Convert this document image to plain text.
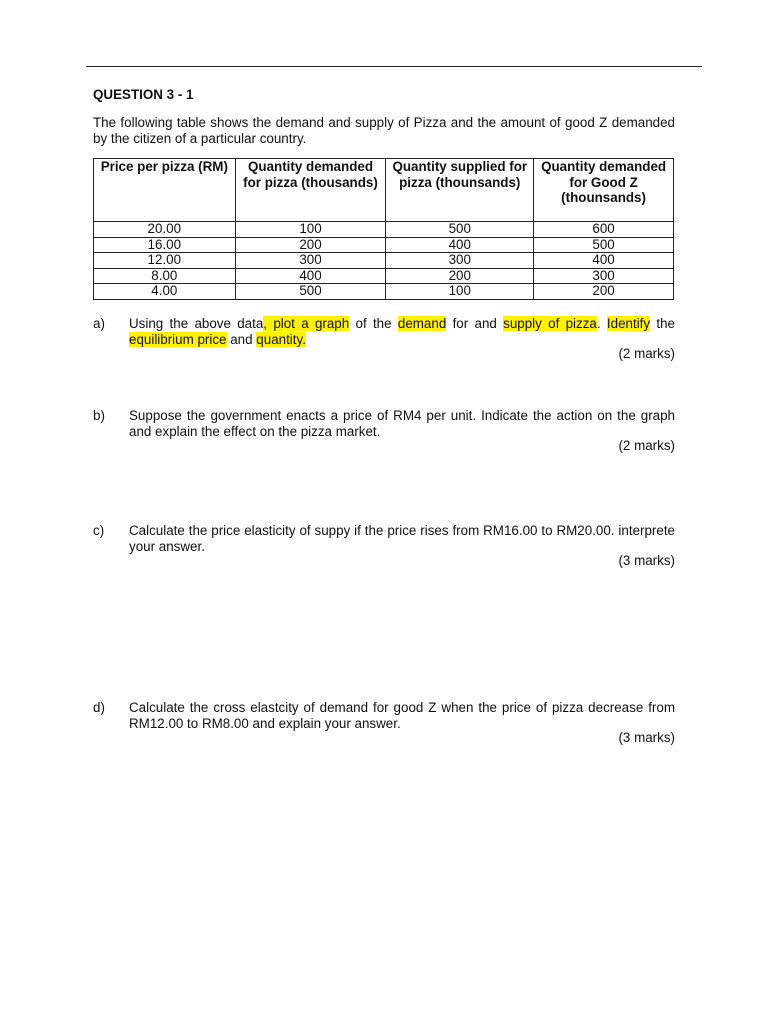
QUESTION 3 - 1
The following table shows the demand and supply of Pizza and the amount of good Z demanded by the citizen of a particular country.
Price per pizza (RM)	Quantity demanded for pizza (thousands)	Quantity supplied for pizza (thounsands)	Quantity demanded for Good Z (thounsands)
20.00	100	500	600
16.00	200	400	500
12.00	300	300	400
8.00	400	200	300
4.00	500	100	200
a) Using the above data, plot a graph of the demand for and supply of pizza. Identify the equilibrium price and quantity.
(2 marks)
b) Suppose the government enacts a price of RM4 per unit. Indicate the action on the graph and explain the effect on the pizza market.
(2 marks)
c) Calculate the price elasticity of suppy if the price rises from RM16.00 to RM20.00. interprete your answer.
(3 marks)
d) Calculate the cross elastcity of demand for good Z when the price of pizza decrease from RM12.00 to RM8.00 and explain your answer.
(3 marks)
